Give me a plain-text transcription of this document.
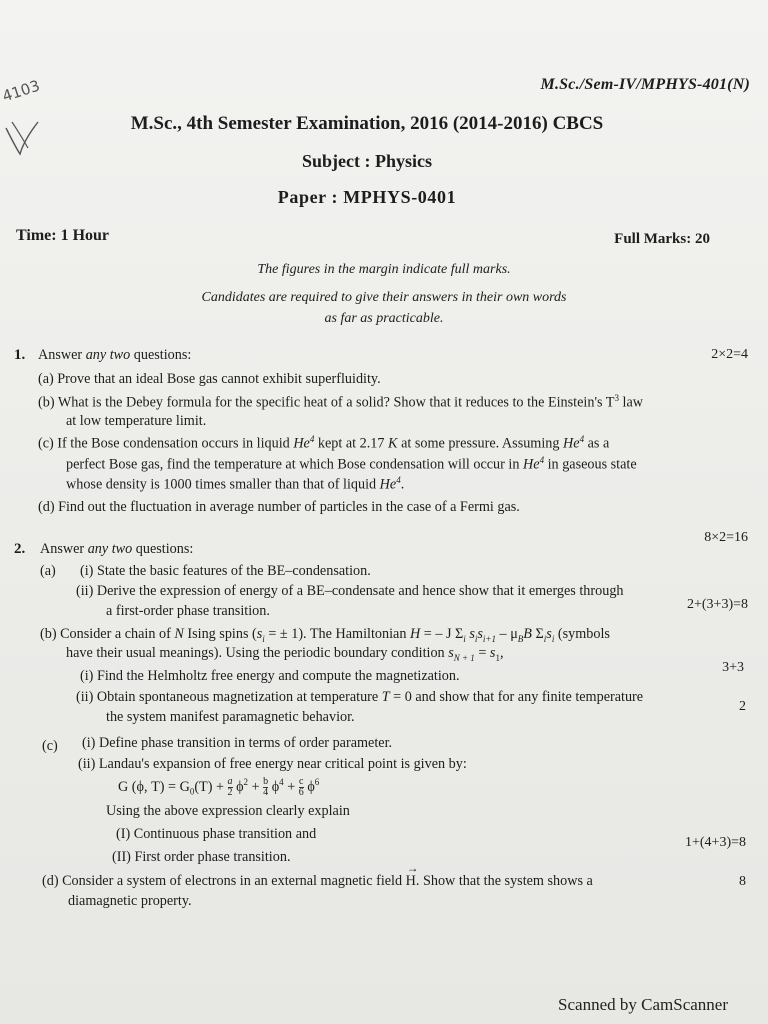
4103	M.Sc./Sem-IV/MPHYS-401(N)
M.Sc., 4th Semester Examination, 2016 (2014-2016) CBCS
Subject : Physics
Paper : MPHYS-0401
Time: 1 Hour	Full Marks: 20
The figures in the margin indicate full marks.
Candidates are required to give their answers in their own words
as far as practicable.
1. Answer any two questions:	2×2=4
(a) Prove that an ideal Bose gas cannot exhibit superfluidity.
(b) What is the Debey formula for the specific heat of a solid? Show that it reduces to the Einstein's $T^3$ law
at low temperature limit.
(c) If the Bose condensation occurs in liquid He$^4$ kept at 2.17 K at some pressure. Assuming He$^4$ as a
perfect Bose gas, find the temperature at which Bose condensation will occur in He$^4$ in gaseous state
whose density is 1000 times smaller than that of liquid He$^4$.
(d) Find out the fluctuation in average number of particles in the case of a Fermi gas.
8×2=16
2. Answer any two questions:
(a) (i) State the basic features of the BE–condensation.
(ii) Derive the expression of energy of a BE–condensate and hence show that it emerges through
a first-order phase transition.	2+(3+3)=8
(b) Consider a chain of N Ising spins ($s_i$ = ± 1). The Hamiltonian H = – J $\Sigma_i$ $s_is_{i+1} - \mu_BB$ $\Sigma_is_i$ (symbols
have their usual meanings). Using the periodic boundary condition $s_{N + 1} = s_1$,
(i) Find the Helmholtz free energy and compute the magnetization.
3+3
(ii) Obtain spontaneous magnetization at temperature T = 0 and show that for any finite temperature
the system manifest paramagnetic behavior.
2
(c) (i) Define phase transition in terms of order parameter.
(ii) Landau's expansion of free energy near critical point is given by:
G (ϕ, $T) = G_0(T) + \frac{a}{2} \phi^2 + \frac{b}{4} \phi^4 + \frac{c}{6} \phi^6$
Using the above expression clearly explain
(I) Continuous phase transition and
(II) First order phase transition.
1+(4+3)=8
(d) Consider a system of electrons in an external magnetic field
→
H. Show that the system shows a
diamagnetic property.
8
Scanned by CamScanner
